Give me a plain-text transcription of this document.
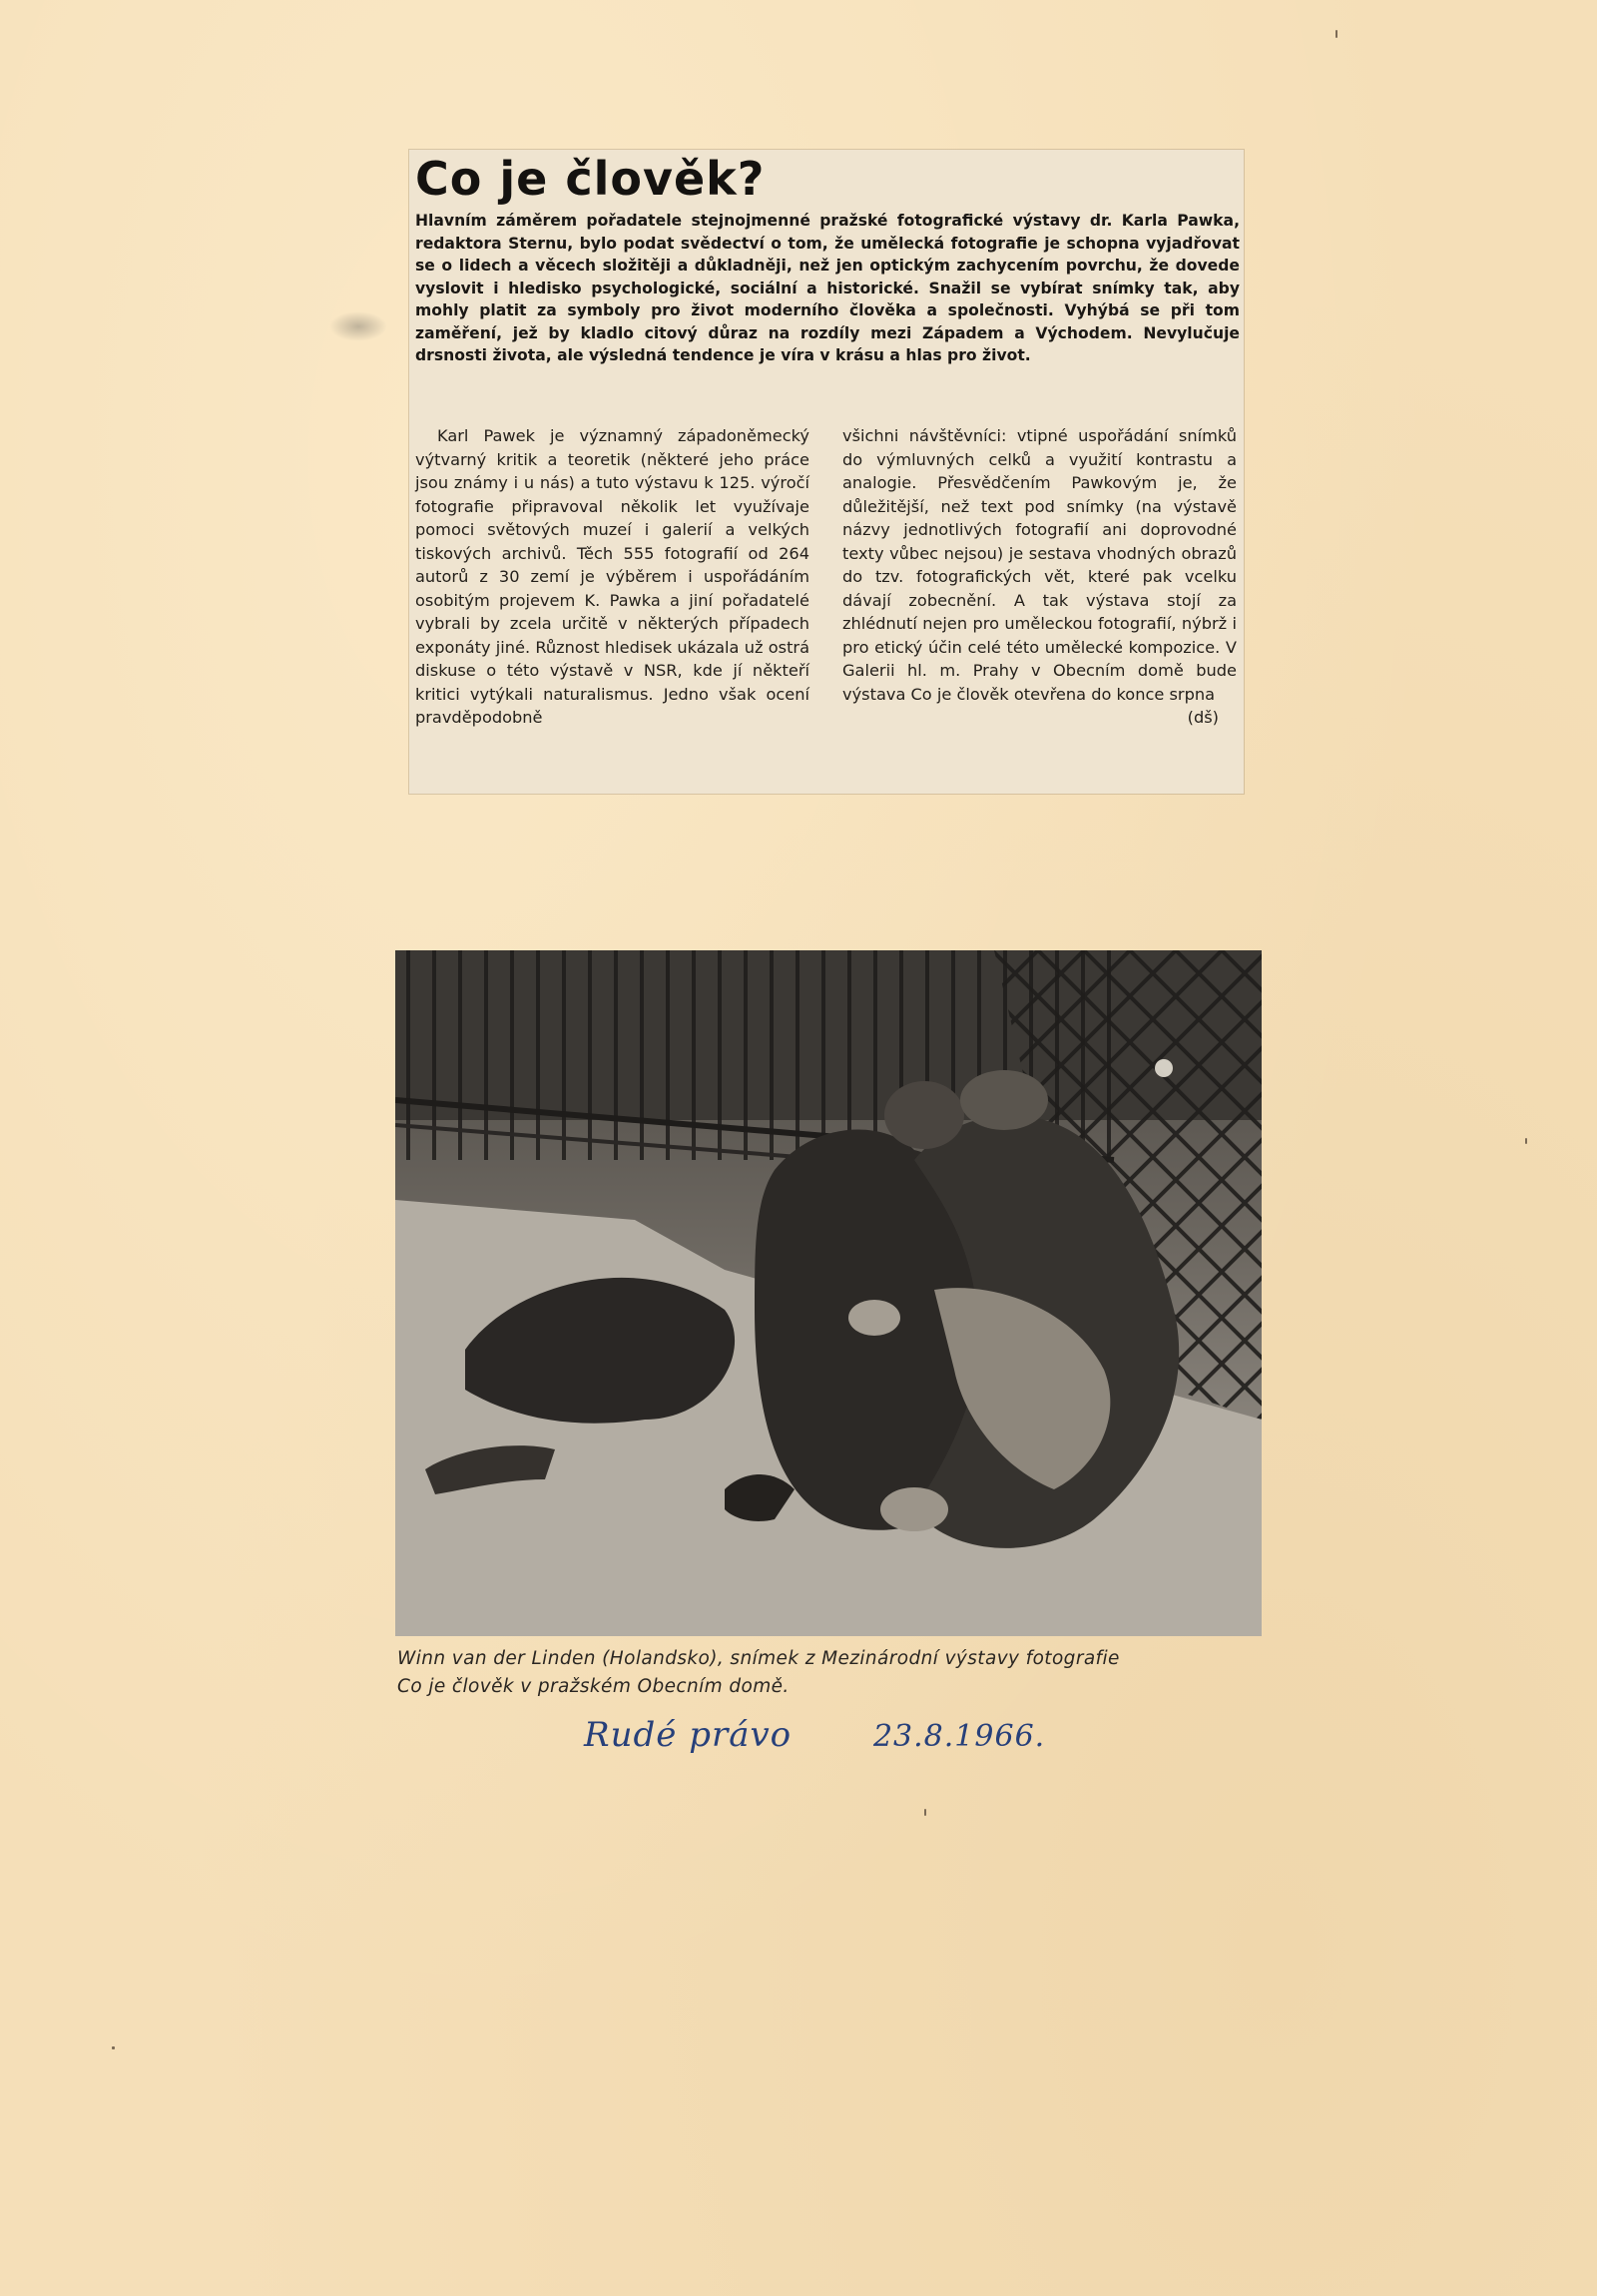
Co je člověk?

Hlavním záměrem pořadatele stejnojmenné pražské fotografické výstavy dr. Karla Pawka, redaktora Sternu, bylo podat svědectví o tom, že umělecká fotografie je schopna vyjadřovat se o lidech a věcech složitěji a důkladněji, než jen optickým zachycením povrchu, že dovede vyslovit i hledisko psychologické, sociální a historické. Snažil se vybírat snímky tak, aby mohly platit za symboly pro život moderního člověka a společnosti. Vyhýbá se při tom zaměření, jež by kladlo citový důraz na rozdíly mezi Západem a Východem. Nevylučuje drsnosti života, ale výsledná tendence je víra v krásu a hlas pro život.

Karl Pawek je významný západoněmecký výtvarný kritik a teoretik (některé jeho práce jsou známy i u nás) a tuto výstavu k 125. výročí fotografie připravoval několik let využívaje pomoci světových muzeí i galerií a velkých tiskových archivů. Těch 555 fotografií od 264 autorů z 30 zemí je výběrem i uspořádáním osobitým projevem K. Pawka a jiní pořadatelé vybrali by zcela určitě v některých případech exponáty jiné. Různost hledisek ukázala už ostrá diskuse o této výstavě v NSR, kde jí někteří kritici vytýkali naturalismus. Jedno však ocení pravděpodobně

všichni návštěvníci: vtipné uspořádání snímků do výmluvných celků a využití kontrastu a analogie. Přesvědčením Pawkovým je, že důležitější, než text pod snímky (na výstavě názvy jednotlivých fotografií ani doprovodné texty vůbec nejsou) je sestava vhodných obrazů do tzv. fotografických vět, které pak vcelku dávají zobecnění. A tak výstava stojí za zhlédnutí nejen pro uměleckou fotografií, nýbrž i pro etický účin celé této umělecké kompozice. V Galerii hl. m. Prahy v Obecním domě bude výstava Co je člověk otevřena do konce srpna
(dš)

Winn van der Linden (Holandsko), snímek z Mezinárodní výstavy fotografie
Co je člověk v pražském Obecním domě.

Rudé právo	23.8.1966.
